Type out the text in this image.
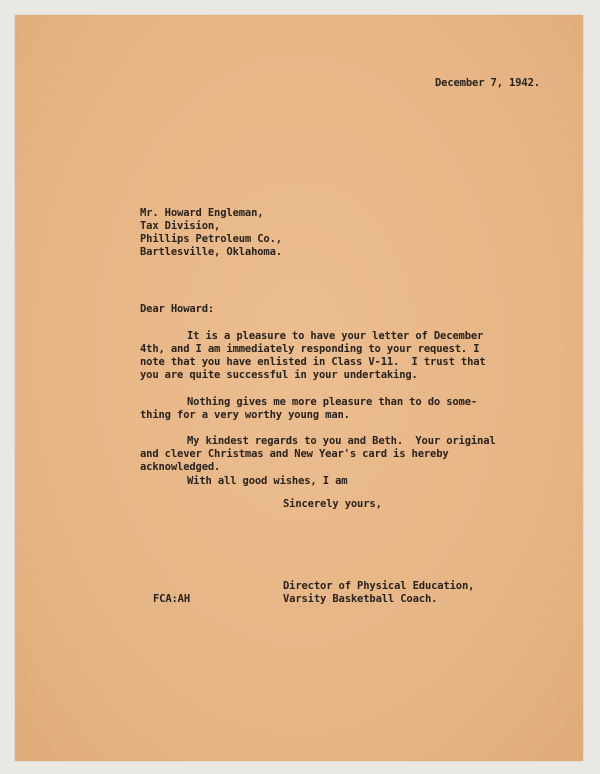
December 7, 1942.
Mr. Howard Engleman,
Tax Division,
Phillips Petroleum Co.,
Bartlesville, Oklahoma.
Dear Howard:
It is a pleasure to have your letter of December
4th, and I am immediately responding to your request. I
note that you have enlisted in Class V-11.  I trust that
you are quite successful in your undertaking.
Nothing gives me more pleasure than to do some-
thing for a very worthy young man.
My kindest regards to you and Beth.  Your original
and clever Christmas and New Year's card is hereby
acknowledged.
With all good wishes, I am
Sincerely yours,
Director of Physical Education,
Varsity Basketball Coach.
FCA:AH
